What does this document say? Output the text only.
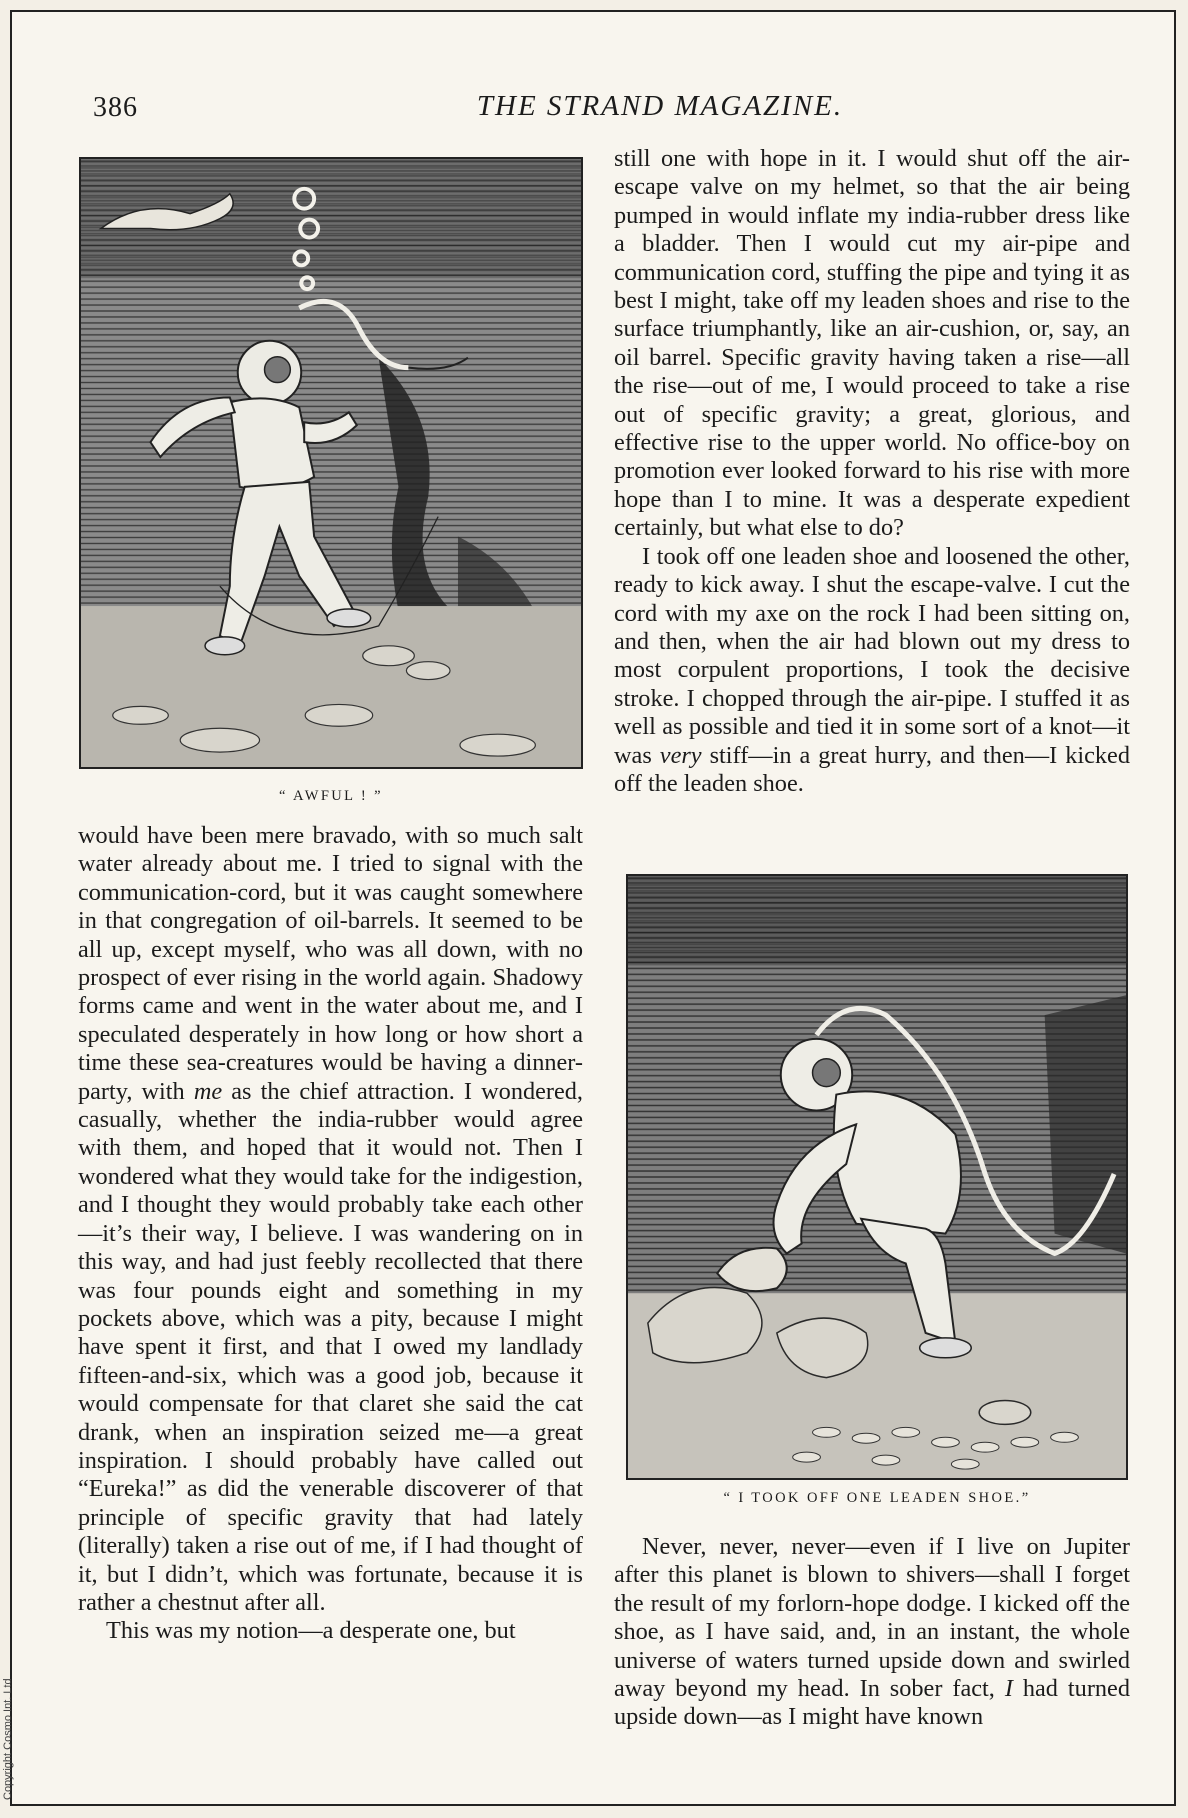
386	THE STRAND MAGAZINE.
“ AWFUL ! ”

would have been mere bravado, with so much salt water already about me. I tried to signal with the communication-cord, but it was caught somewhere in that congregation of oil-barrels. It seemed to be all up, except myself, who was all down, with no prospect of ever rising in the world again. Shadowy forms came and went in the water about me, and I speculated desperately in how long or how short a time these sea-creatures would be having a dinner-party, with me as the chief attraction. I wondered, casually, whether the india-rubber would agree with them, and hoped that it would not. Then I wondered what they would take for the indigestion, and I thought they would probably take each other—it’s their way, I believe. I was wandering on in this way, and had just feebly recollected that there was four pounds eight and something in my pockets above, which was a pity, because I might have spent it first, and that I owed my landlady fifteen-and-six, which was a good job, because it would compensate for that claret she said the cat drank, when an inspiration seized me—a great inspiration. I should probably have called out “Eureka!” as did the venerable discoverer of that principle of specific gravity that had lately (literally) taken a rise out of me, if I had thought of it, but I didn’t, which was fortunate, because it is rather a chestnut after all.

This was my notion—a desperate one, but

still one with hope in it. I would shut off the air-escape valve on my helmet, so that the air being pumped in would inflate my india-rubber dress like a bladder. Then I would cut my air-pipe and communication cord, stuffing the pipe and tying it as best I might, take off my leaden shoes and rise to the surface triumphantly, like an air-cushion, or, say, an oil barrel. Specific gravity having taken a rise—all the rise—out of me, I would proceed to take a rise out of specific gravity; a great, glorious, and effective rise to the upper world. No office-boy on promotion ever looked forward to his rise with more hope than I to mine. It was a desperate expedient certainly, but what else to do?

I took off one leaden shoe and loosened the other, ready to kick away. I shut the escape-valve. I cut the cord with my axe on the rock I had been sitting on, and then, when the air had blown out my dress to most corpulent proportions, I took the decisive stroke. I chopped through the air-pipe. I stuffed it as well as possible and tied it in some sort of a knot—it was very stiff—in a great hurry, and then—I kicked off the leaden shoe.

“ I TOOK OFF ONE LEADEN SHOE.”

Never, never, never—even if I live on Jupiter after this planet is blown to shivers—shall I forget the result of my forlorn-hope dodge. I kicked off the shoe, as I have said, and, in an instant, the whole universe of waters turned upside down and swirled away beyond my head. In sober fact, I had turned upside down—as I might have known

Copyright Cosmo Int. Ltd
